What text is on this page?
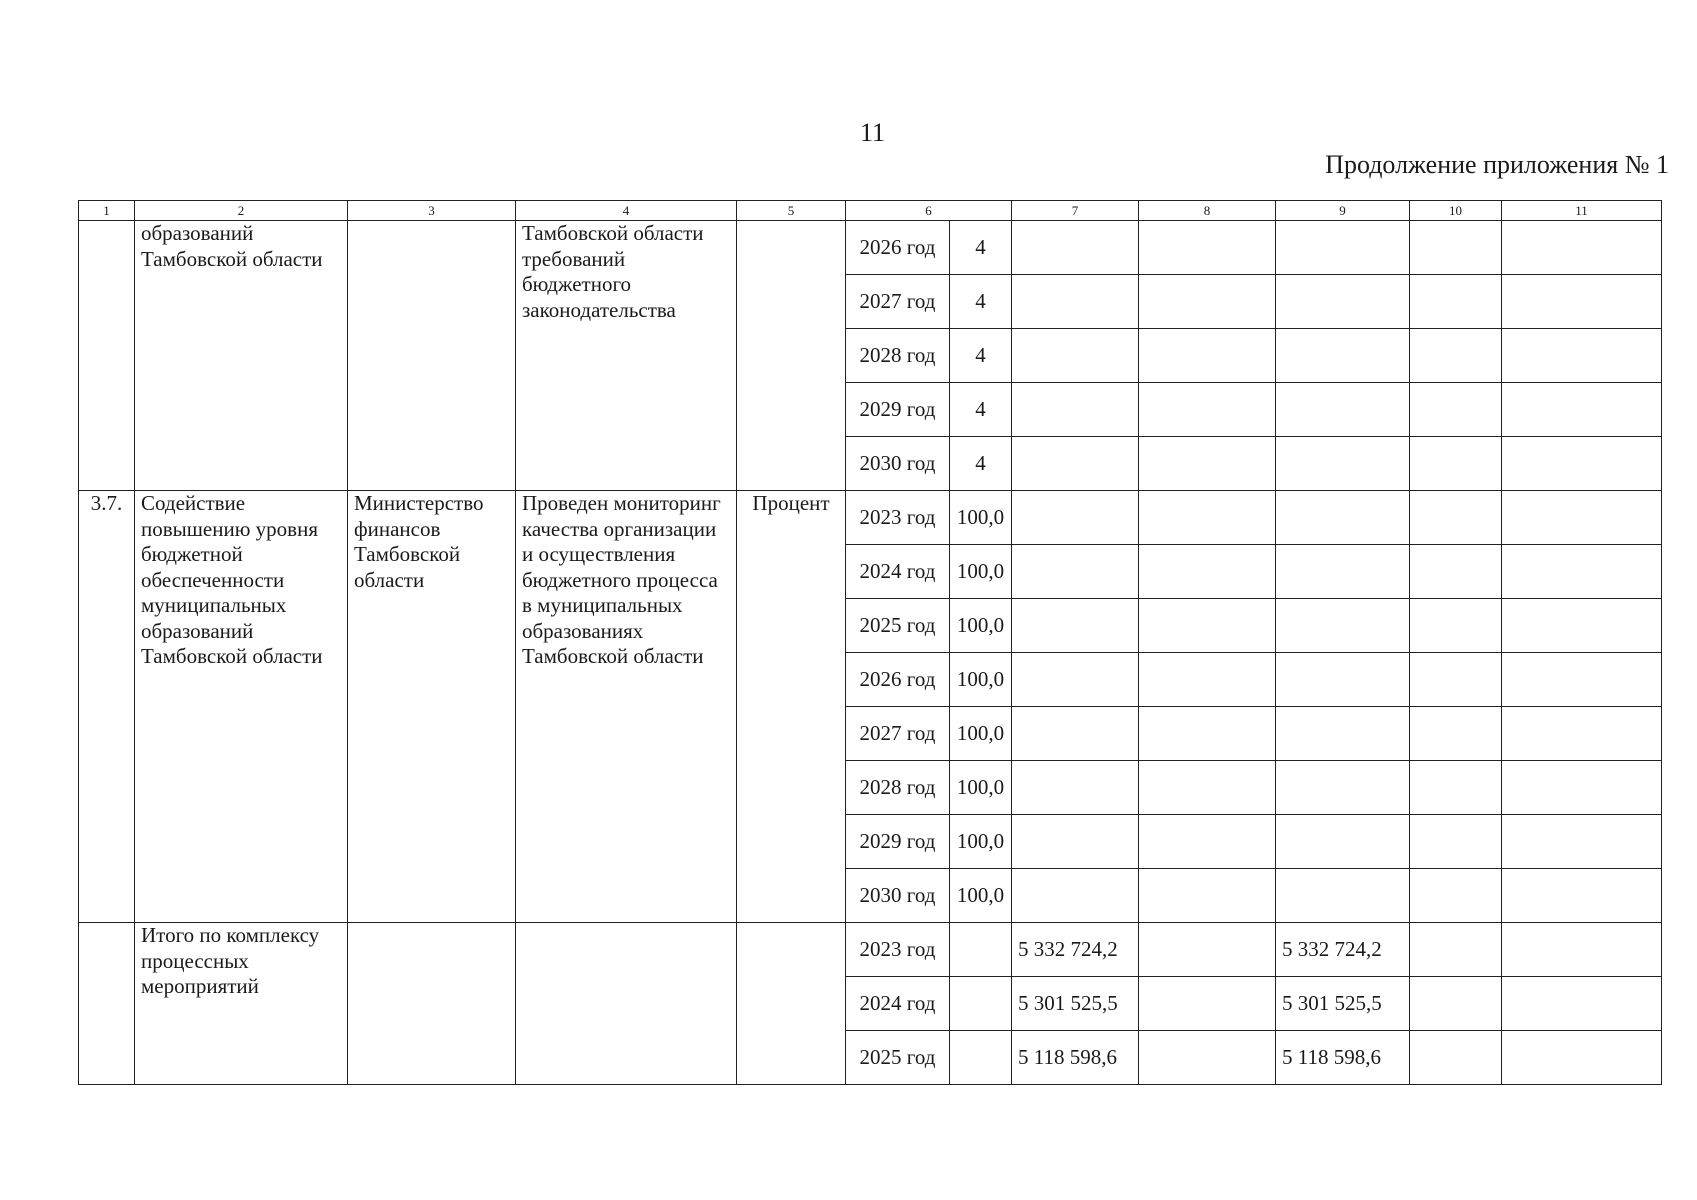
11
Продолжение приложения № 1
1	2	3	4	5	6		7	8	9	10	11
	образований Тамбовской области		Тамбовской области требований бюджетного законодательства		2026 год	4					
					2027 год	4					
					2028 год	4					
					2029 год	4					
					2030 год	4					
3.7.	Содействие повышению уровня бюджетной обеспеченности муниципальных образований Тамбовской области	Министерство финансов Тамбовской области	Проведен мониторинг качества организации и осуществления бюджетного процесса в муниципальных образованиях Тамбовской области	Процент	2023 год	100,0					
					2024 год	100,0					
					2025 год	100,0					
					2026 год	100,0					
					2027 год	100,0					
					2028 год	100,0					
					2029 год	100,0					
					2030 год	100,0					
	Итого по комплексу процессных мероприятий				2023 год		5 332 724,2		5 332 724,2		
					2024 год		5 301 525,5		5 301 525,5		
					2025 год		5 118 598,6		5 118 598,6		
